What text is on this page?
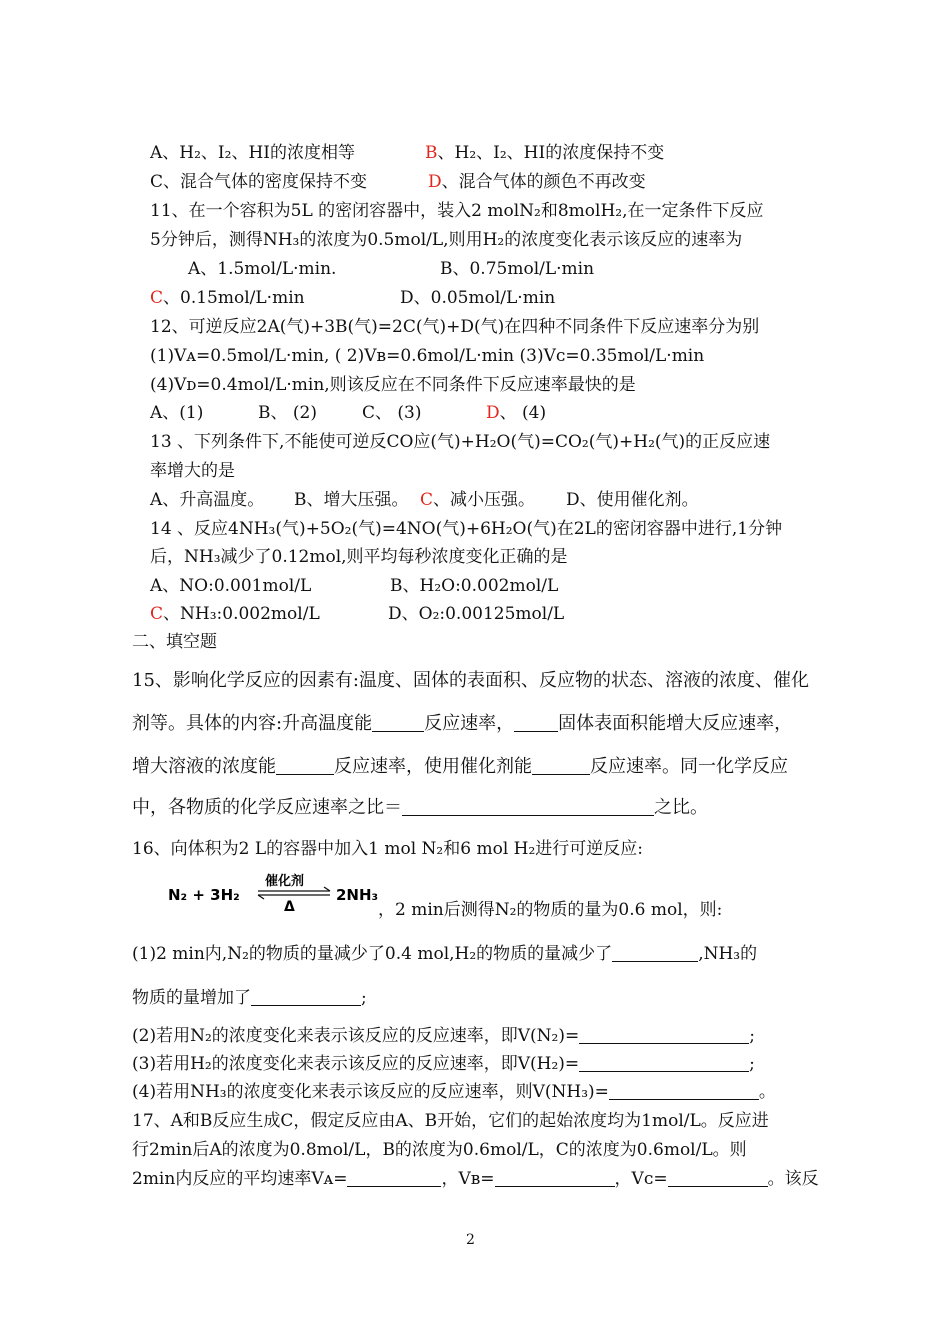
A、H₂、I₂、HI的浓度相等	B、H₂、I₂、HI的浓度保持不变
C、混合气体的密度保持不变	D、混合气体的颜色不再改变
11、在一个容积为5L 的密闭容器中，装入2 molN₂和8molH₂,在一定条件下反应
5分钟后，测得NH₃的浓度为0.5mol/L,则用H₂的浓度变化表示该反应的速率为
A、1.5mol/L·min.	B、0.75mol/L·min
C、0.15mol/L·min	D、0.05mol/L·min
12、可逆反应2A(气)+3B(气)=2C(气)+D(气)在四种不同条件下反应速率分为别
(1)Vᴀ=0.5mol/L·min, ( 2)Vʙ=0.6mol/L·min (3)Vᴄ=0.35mol/L·min
(4)Vᴅ=0.4mol/L·min,则该反应在不同条件下反应速率最快的是
A、(1)	B、 (2)	C、 (3)	D、 (4)
13 、下列条件下,不能使可逆反CO应(气)+H₂O(气)=CO₂(气)+H₂(气)的正反应速
率增大的是
A、升高温度。 B、增大压强。 C、减小压强。 D、使用催化剂。
14 、反应4NH₃(气)+5O₂(气)=4NO(气)+6H₂O(气)在2L的密闭容器中进行,1分钟
后，NH₃减少了0.12mol,则平均每秒浓度变化正确的是
A、NO:0.001mol/L	B、H₂O:0.002mol/L
C、NH₃:0.002mol/L	D、O₂:0.00125mol/L
二、填空题
15、影响化学反应的因素有:温度、固体的表面积、反应物的状态、溶液的浓度、催化
剂等。具体的内容:升高温度能	反应速率， 固体表面积能增大反应速率，
增大溶液的浓度能	反应速率，使用催化剂能	反应速率。同一化学反应
中，各物质的化学反应速率之比＝	之比。
16、向体积为2 L的容器中加入1 mol N₂和6 mol H₂进行可逆反应:
N₂ + 3H₂
催化剂
Δ
2NH₃
，2 min后测得N₂的物质的量为0.6 mol，则:
(1)2 min内,N₂的物质的量减少了0.4 mol,H₂的物质的量减少了	,NH₃的
物质的量增加了	;
(2)若用N₂的浓度变化来表示该反应的反应速率，即V(N₂)=	;
(3)若用H₂的浓度变化来表示该反应的反应速率，即V(H₂)=	;
(4)若用NH₃的浓度变化来表示该反应的反应速率，则V(NH₃)=	。
17、A和B反应生成C，假定反应由A、B开始，它们的起始浓度均为1mol/L。反应进
行2min后A的浓度为0.8mol/L，B的浓度为0.6mol/L，C的浓度为0.6mol/L。则
2min内反应的平均速率Vᴀ=	，Vʙ=	，Vᴄ=	。该反
2
